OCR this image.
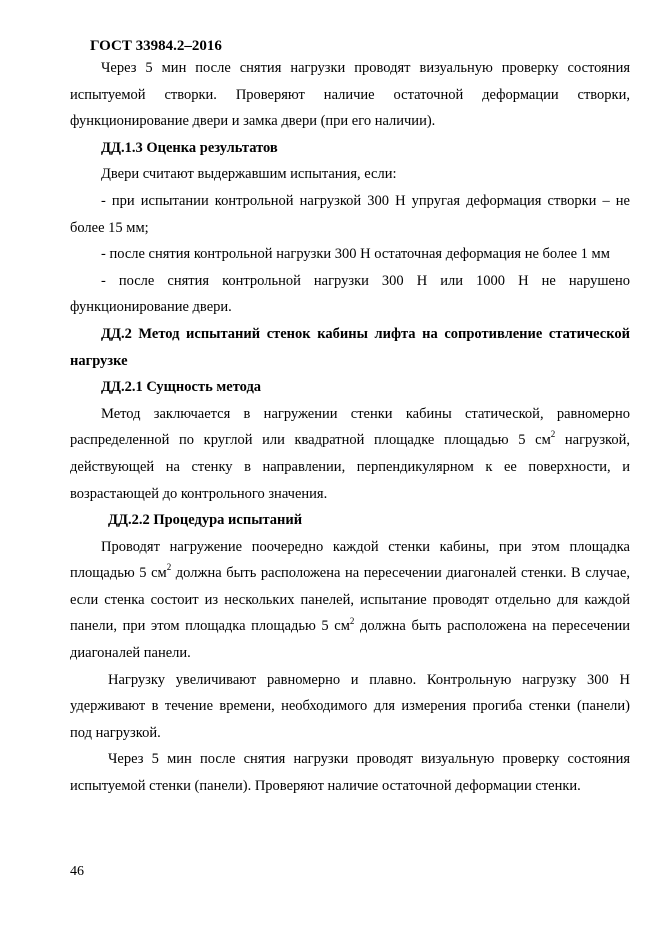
ГОСТ 33984.2–2016

Через 5 мин после снятия нагрузки проводят визуальную проверку состояния испытуемой створки. Проверяют наличие остаточной деформации створки, функционирование двери и замка двери (при его наличии).

ДД.1.3 Оценка результатов

Двери считают выдержавшим испытания, если:

- при испытании контрольной нагрузкой 300 Н упругая деформация створки – не более 15 мм;

- после снятия контрольной нагрузки 300 Н остаточная деформация не более 1 мм

- после снятия контрольной нагрузки 300 Н или 1000 Н не нарушено функционирование двери.

ДД.2 Метод испытаний стенок кабины лифта на сопротивление статической нагрузке

ДД.2.1 Сущность метода

Метод заключается в нагружении стенки кабины статической, равномерно распределенной по круглой или квадратной площадке площадью 5 $см^2$ нагрузкой, действующей на стенку в направлении, перпендикулярном к ее поверхности, и возрастающей до контрольного значения.

ДД.2.2 Процедура испытаний

Проводят нагружение поочередно каждой стенки кабины, при этом площадка площадью 5 $см^2$ должна быть расположена на пересечении диагоналей стенки. В случае, если стенка состоит из нескольких панелей, испытание проводят отдельно для каждой панели, при этом площадка площадью 5 $см^2$ должна быть расположена на пересечении диагоналей панели.

Нагрузку увеличивают равномерно и плавно. Контрольную нагрузку 300 Н удерживают в течение времени, необходимого для измерения прогиба стенки (панели) под нагрузкой.

Через 5 мин после снятия нагрузки проводят визуальную проверку состояния испытуемой стенки (панели). Проверяют наличие остаточной деформации стенки.

46
